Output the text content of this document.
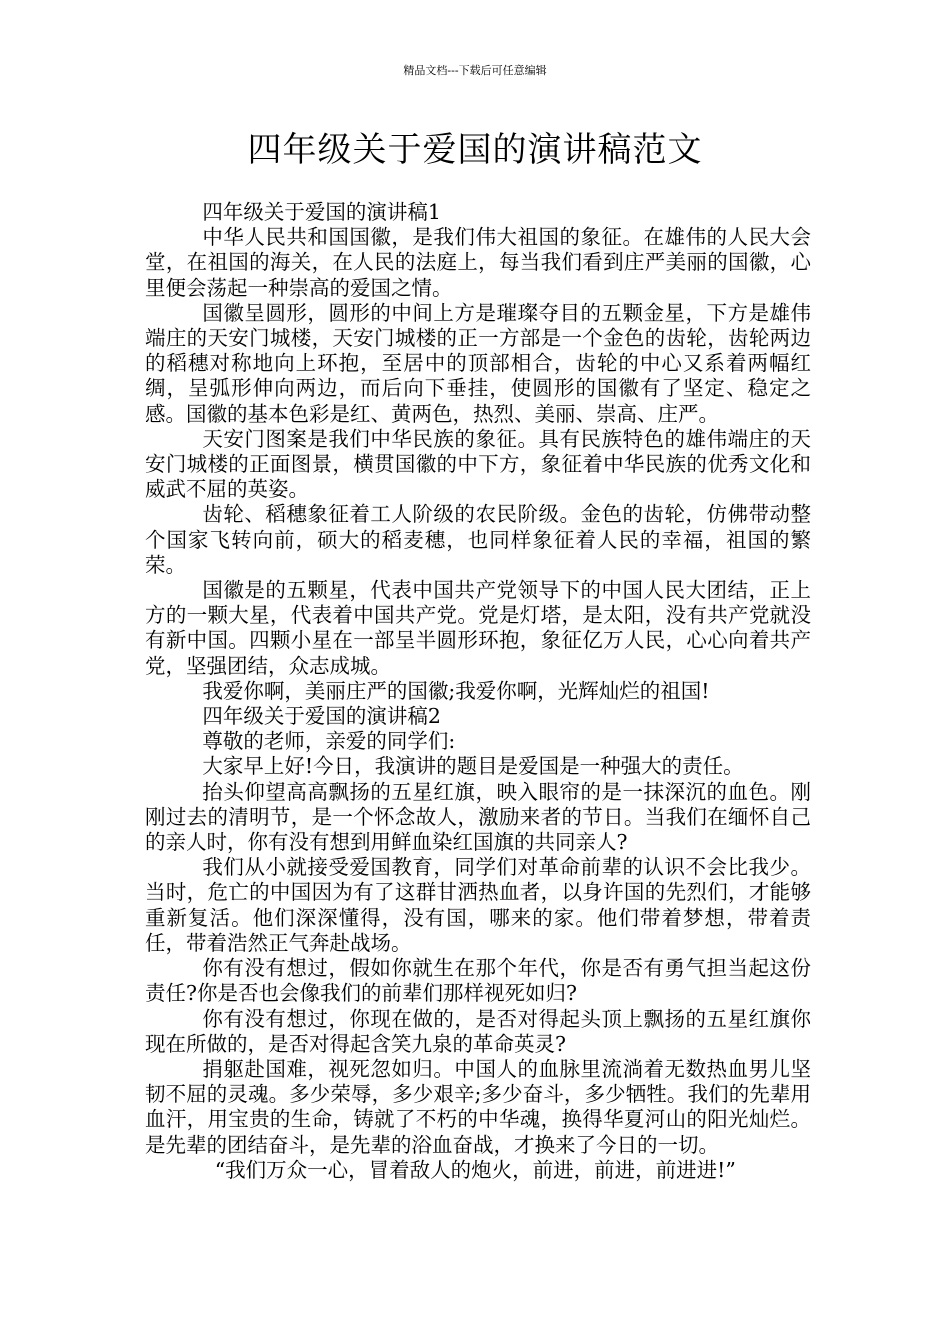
精品文档---下载后可任意编辑
四年级关于爱国的演讲稿范文

四年级关于爱国的演讲稿1

中华人民共和国国徽，是我们伟大祖国的象征。在雄伟的人民大会堂，在祖国的海关，在人民的法庭上，每当我们看到庄严美丽的国徽，心里便会荡起一种崇高的爱国之情。

国徽呈圆形，圆形的中间上方是璀璨夺目的五颗金星，下方是雄伟端庄的天安门城楼，天安门城楼的正一方部是一个金色的齿轮，齿轮两边的稻穗对称地向上环抱，至居中的顶部相合，齿轮的中心又系着两幅红绸，呈弧形伸向两边，而后向下垂挂，使圆形的国徽有了坚定、稳定之感。国徽的基本色彩是红、黄两色，热烈、美丽、崇高、庄严。

天安门图案是我们中华民族的象征。具有民族特色的雄伟端庄的天安门城楼的正面图景，横贯国徽的中下方，象征着中华民族的优秀文化和威武不屈的英姿。

齿轮、稻穗象征着工人阶级的农民阶级。金色的齿轮，仿佛带动整个国家飞转向前，硕大的稻麦穗，也同样象征着人民的幸福，祖国的繁荣。

国徽是的五颗星，代表中国共产党领导下的中国人民大团结，正上方的一颗大星，代表着中国共产党。党是灯塔，是太阳，没有共产党就没有新中国。四颗小星在一部呈半圆形环抱，象征亿万人民，心心向着共产党，坚强团结，众志成城。

我爱你啊，美丽庄严的国徽;我爱你啊，光辉灿烂的祖国!

四年级关于爱国的演讲稿2

尊敬的老师，亲爱的同学们:

大家早上好!今日，我演讲的题目是爱国是一种强大的责任。

抬头仰望高高飘扬的五星红旗，映入眼帘的是一抹深沉的血色。刚刚过去的清明节，是一个怀念故人，激励来者的节日。当我们在缅怀自己的亲人时，你有没有想到用鲜血染红国旗的共同亲人?

我们从小就接受爱国教育，同学们对革命前辈的认识不会比我少。当时，危亡的中国因为有了这群甘洒热血者，以身许国的先烈们，才能够重新复活。他们深深懂得，没有国，哪来的家。他们带着梦想，带着责任，带着浩然正气奔赴战场。

你有没有想过，假如你就生在那个年代，你是否有勇气担当起这份责任?你是否也会像我们的前辈们那样视死如归?

你有没有想过，你现在做的，是否对得起头顶上飘扬的五星红旗你现在所做的，是否对得起含笑九泉的革命英灵?

捐躯赴国难，视死忽如归。中国人的血脉里流淌着无数热血男儿坚韧不屈的灵魂。多少荣辱，多少艰辛;多少奋斗，多少牺牲。我们的先辈用血汗，用宝贵的生命，铸就了不朽的中华魂，换得华夏河山的阳光灿烂。是先辈的团结奋斗，是先辈的浴血奋战，才换来了今日的一切。

“我们万众一心，冒着敌人的炮火，前进，前进，前进进!”
